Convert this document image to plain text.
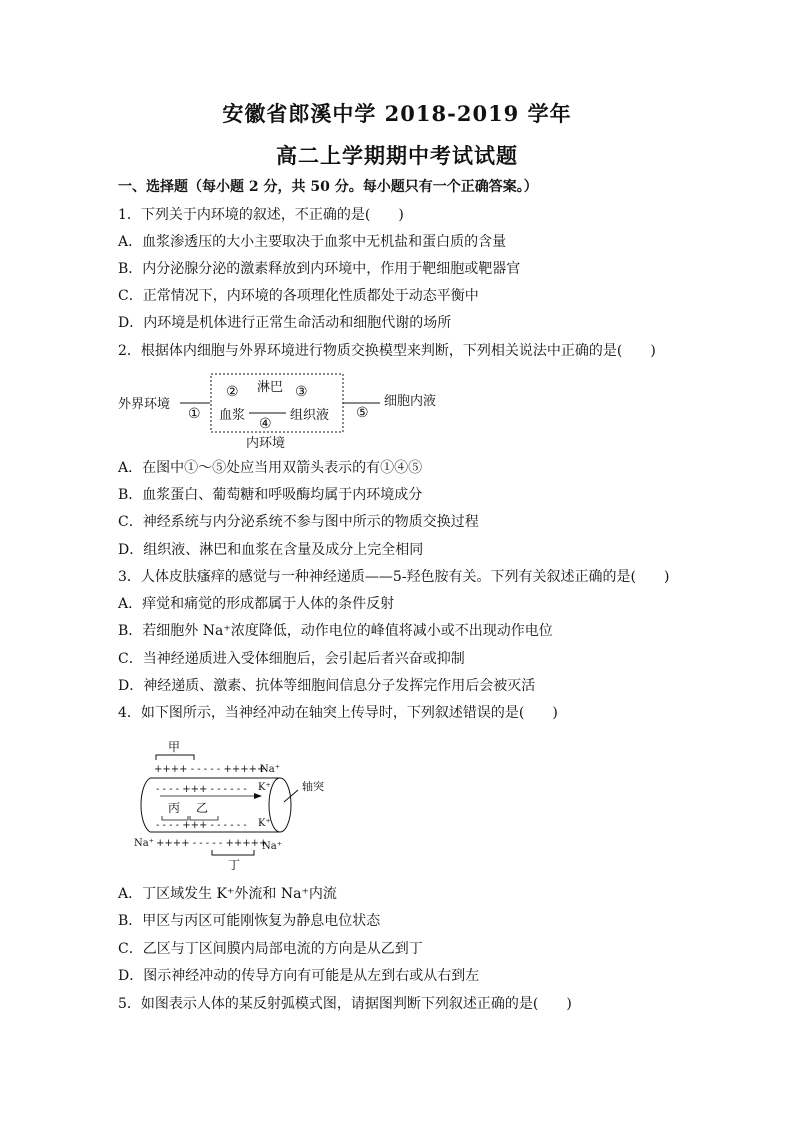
安徽省郎溪中学 2018-2019 学年
高二上学期期中考试试题
一、选择题（每小题 2 分，共 50 分。每小题只有一个正确答案。）
1．下列关于内环境的叙述，不正确的是(　　)
A．血浆渗透压的大小主要取决于血浆中无机盐和蛋白质的含量
B．内分泌腺分泌的激素释放到内环境中，作用于靶细胞或靶器官
C．正常情况下，内环境的各项理化性质都处于动态平衡中
D．内环境是机体进行正常生命活动和细胞代谢的场所
2．根据体内细胞与外界环境进行物质交换模型来判断，下列相关说法中正确的是(　　)
外界环境
①
② 淋巴 ③
血浆
④
组织液 ⑤
细胞内液
内环境
A．在图中①～⑤处应当用双箭头表示的有①④⑤
B．血浆蛋白、葡萄糖和呼吸酶均属于内环境成分
C．神经系统与内分泌系统不参与图中所示的物质交换过程
D．组织液、淋巴和血浆在含量及成分上完全相同
3．人体皮肤瘙痒的感觉与一种神经递质——5-羟色胺有关。下列有关叙述正确的是(　　)
A．痒觉和痛觉的形成都属于人体的条件反射
B．若细胞外 Na⁺浓度降低，动作电位的峰值将减小或不出现动作电位
C．当神经递质进入受体细胞后，会引起后者兴奋或抑制
D．神经递质、激素、抗体等细胞间信息分子发挥完作用后会被灭活
4．如下图所示，当神经冲动在轴突上传导时，下列叙述错误的是(　　)
甲
++++ - - - - - +++++
Na⁺
轴突
- - - - +++ - - - - - - K⁺
丙 乙
- - - - +++ - - - - - - K⁺
Na⁺ ++++ - - - - - +++++
Na⁺
丁
A．丁区域发生 K⁺外流和 Na⁺内流
B．甲区与丙区可能刚恢复为静息电位状态
C．乙区与丁区间膜内局部电流的方向是从乙到丁
D．图示神经冲动的传导方向有可能是从左到右或从右到左
5．如图表示人体的某反射弧模式图，请据图判断下列叙述正确的是(　　)
